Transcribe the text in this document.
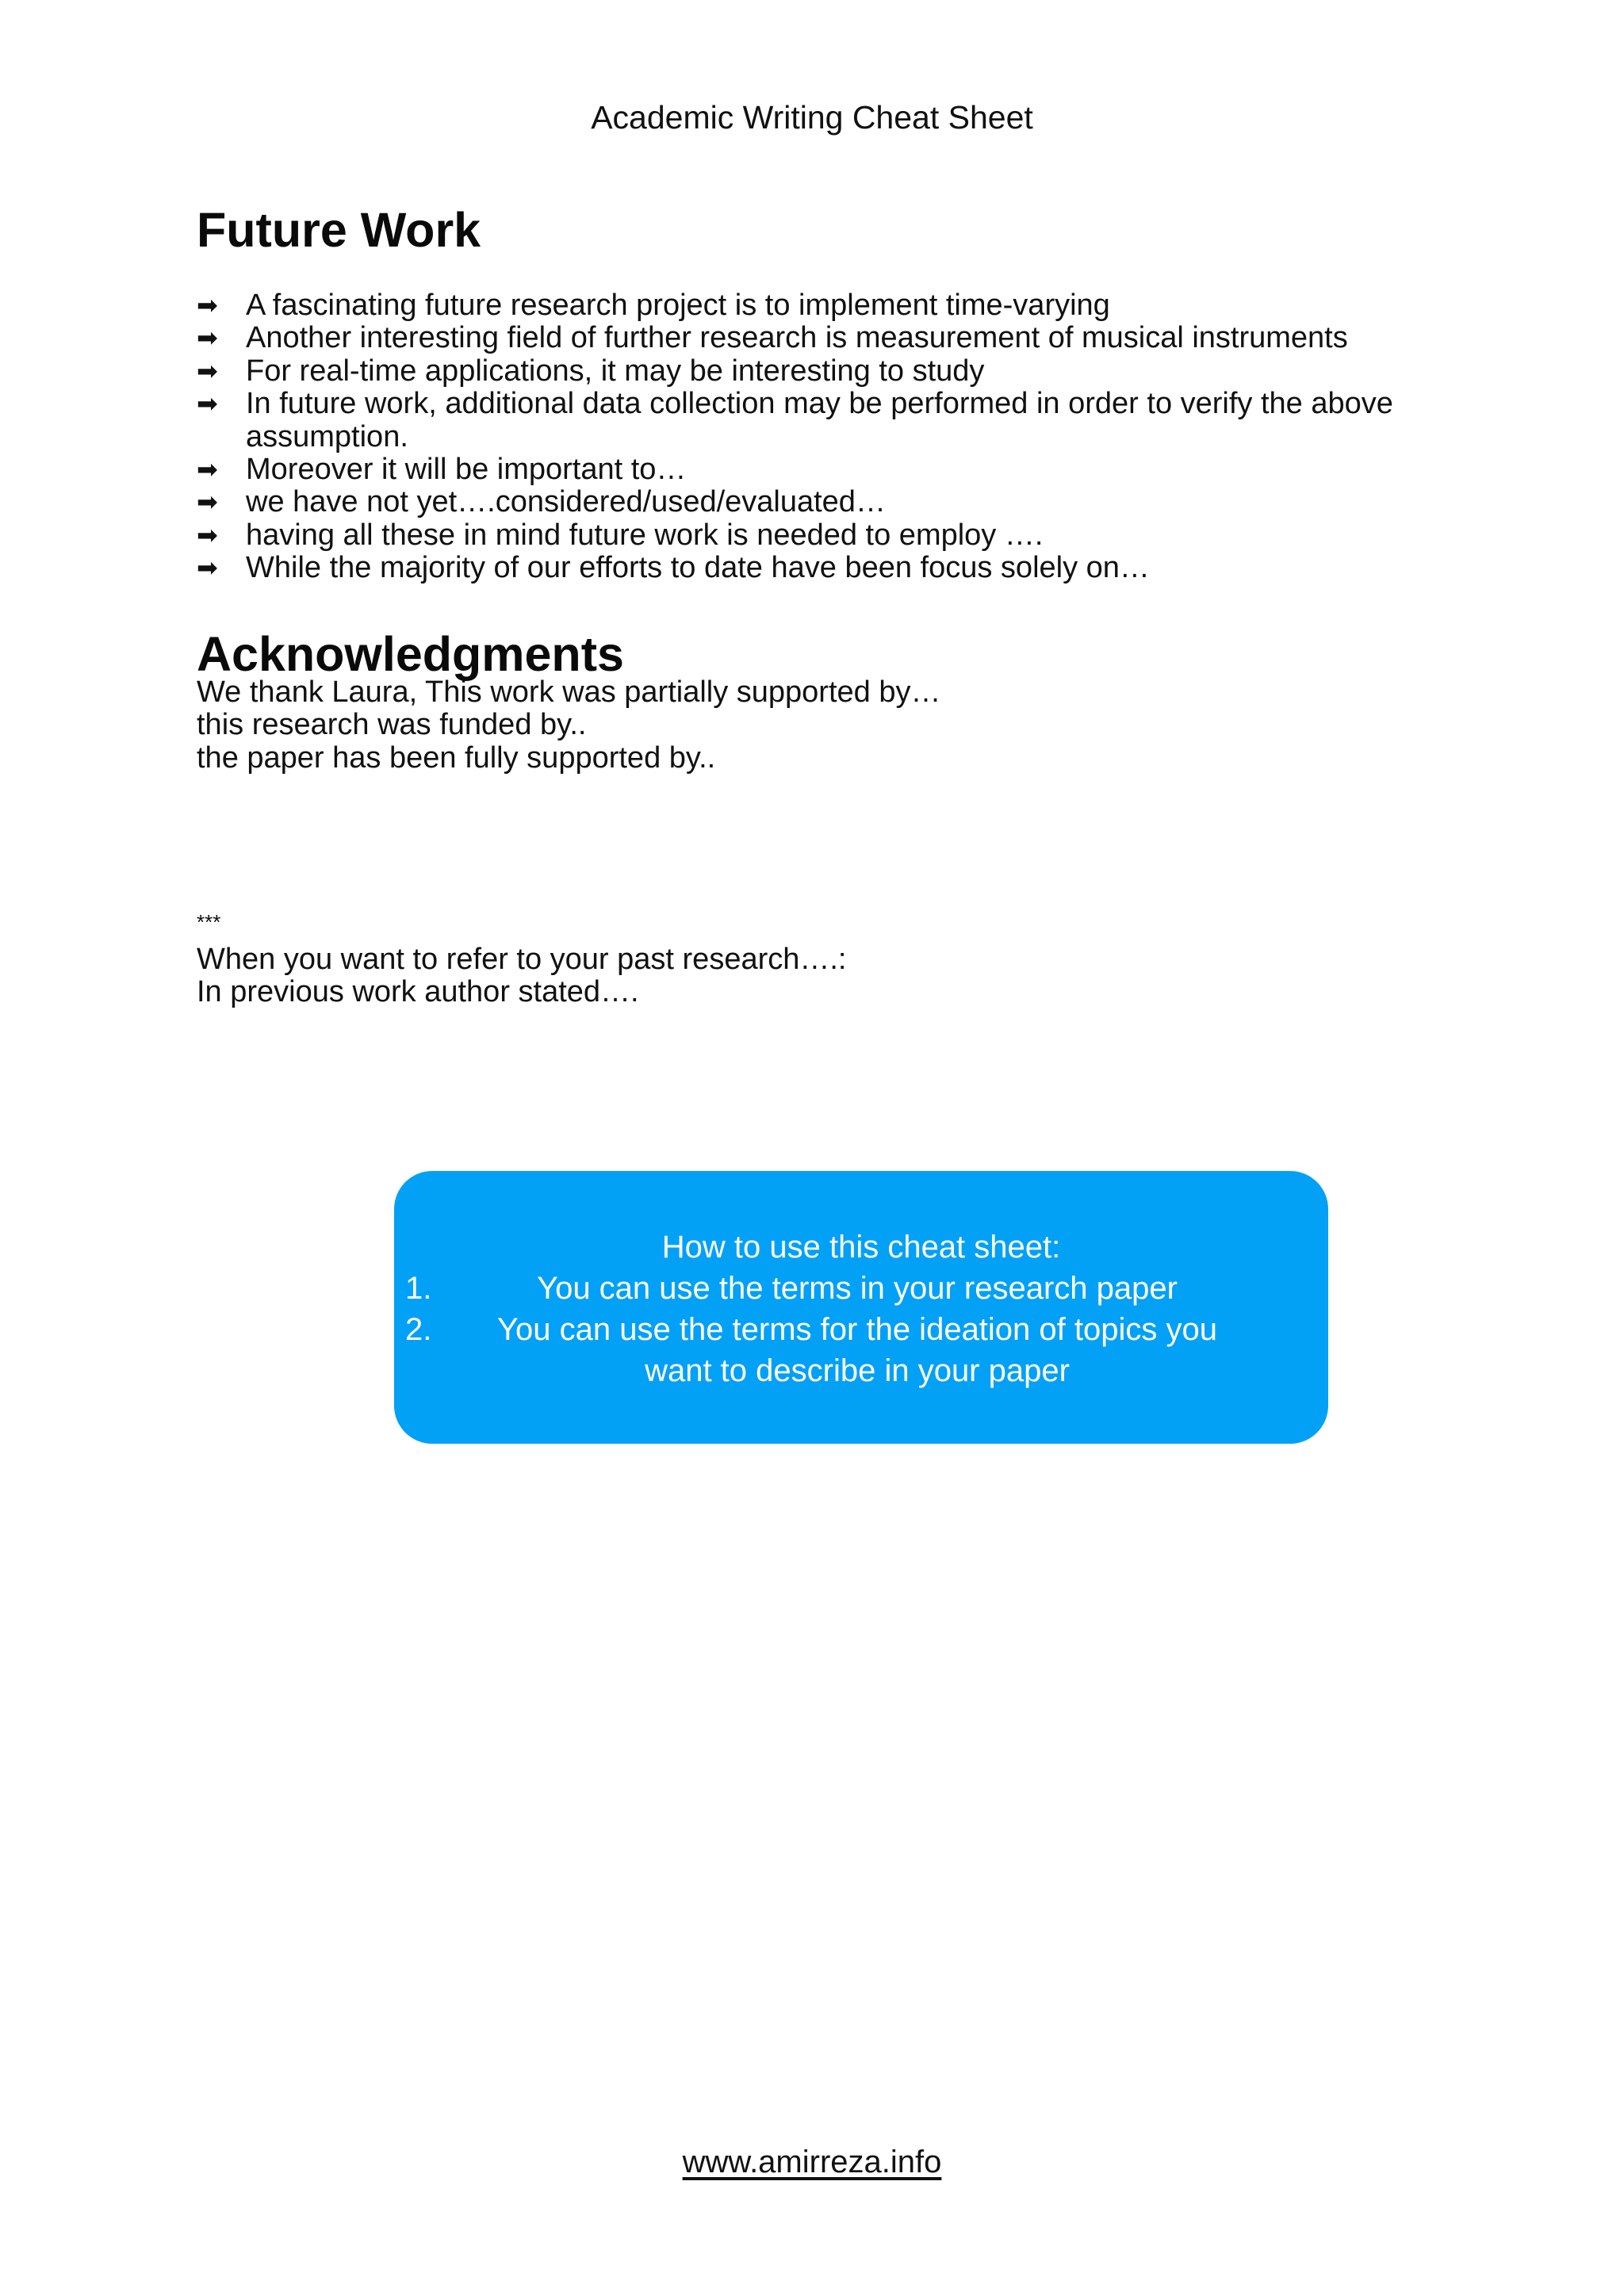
Academic Writing Cheat Sheet
Future Work
➡ A fascinating future research project is to implement time-varying
➡ Another interesting field of further research is measurement of musical instruments
➡ For real-time applications, it may be interesting to study
➡ In future work, additional data collection may be performed in order to verify the above assumption.
➡ Moreover it will be important to…
➡ we have not yet….considered/used/evaluated…
➡ having all these in mind future work is needed to employ ….
➡ While the majority of our efforts to date have been focus solely on…
Acknowledgments
We thank Laura, This work was partially supported by…
this research was funded by..
the paper has been fully supported by..
***
When you want to refer to your past research….:
In previous work author stated….
How to use this cheat sheet:
1.	You can use the terms in your research paper
2. You can use the terms for the ideation of topics you want to describe in your paper
www.amirreza.info
